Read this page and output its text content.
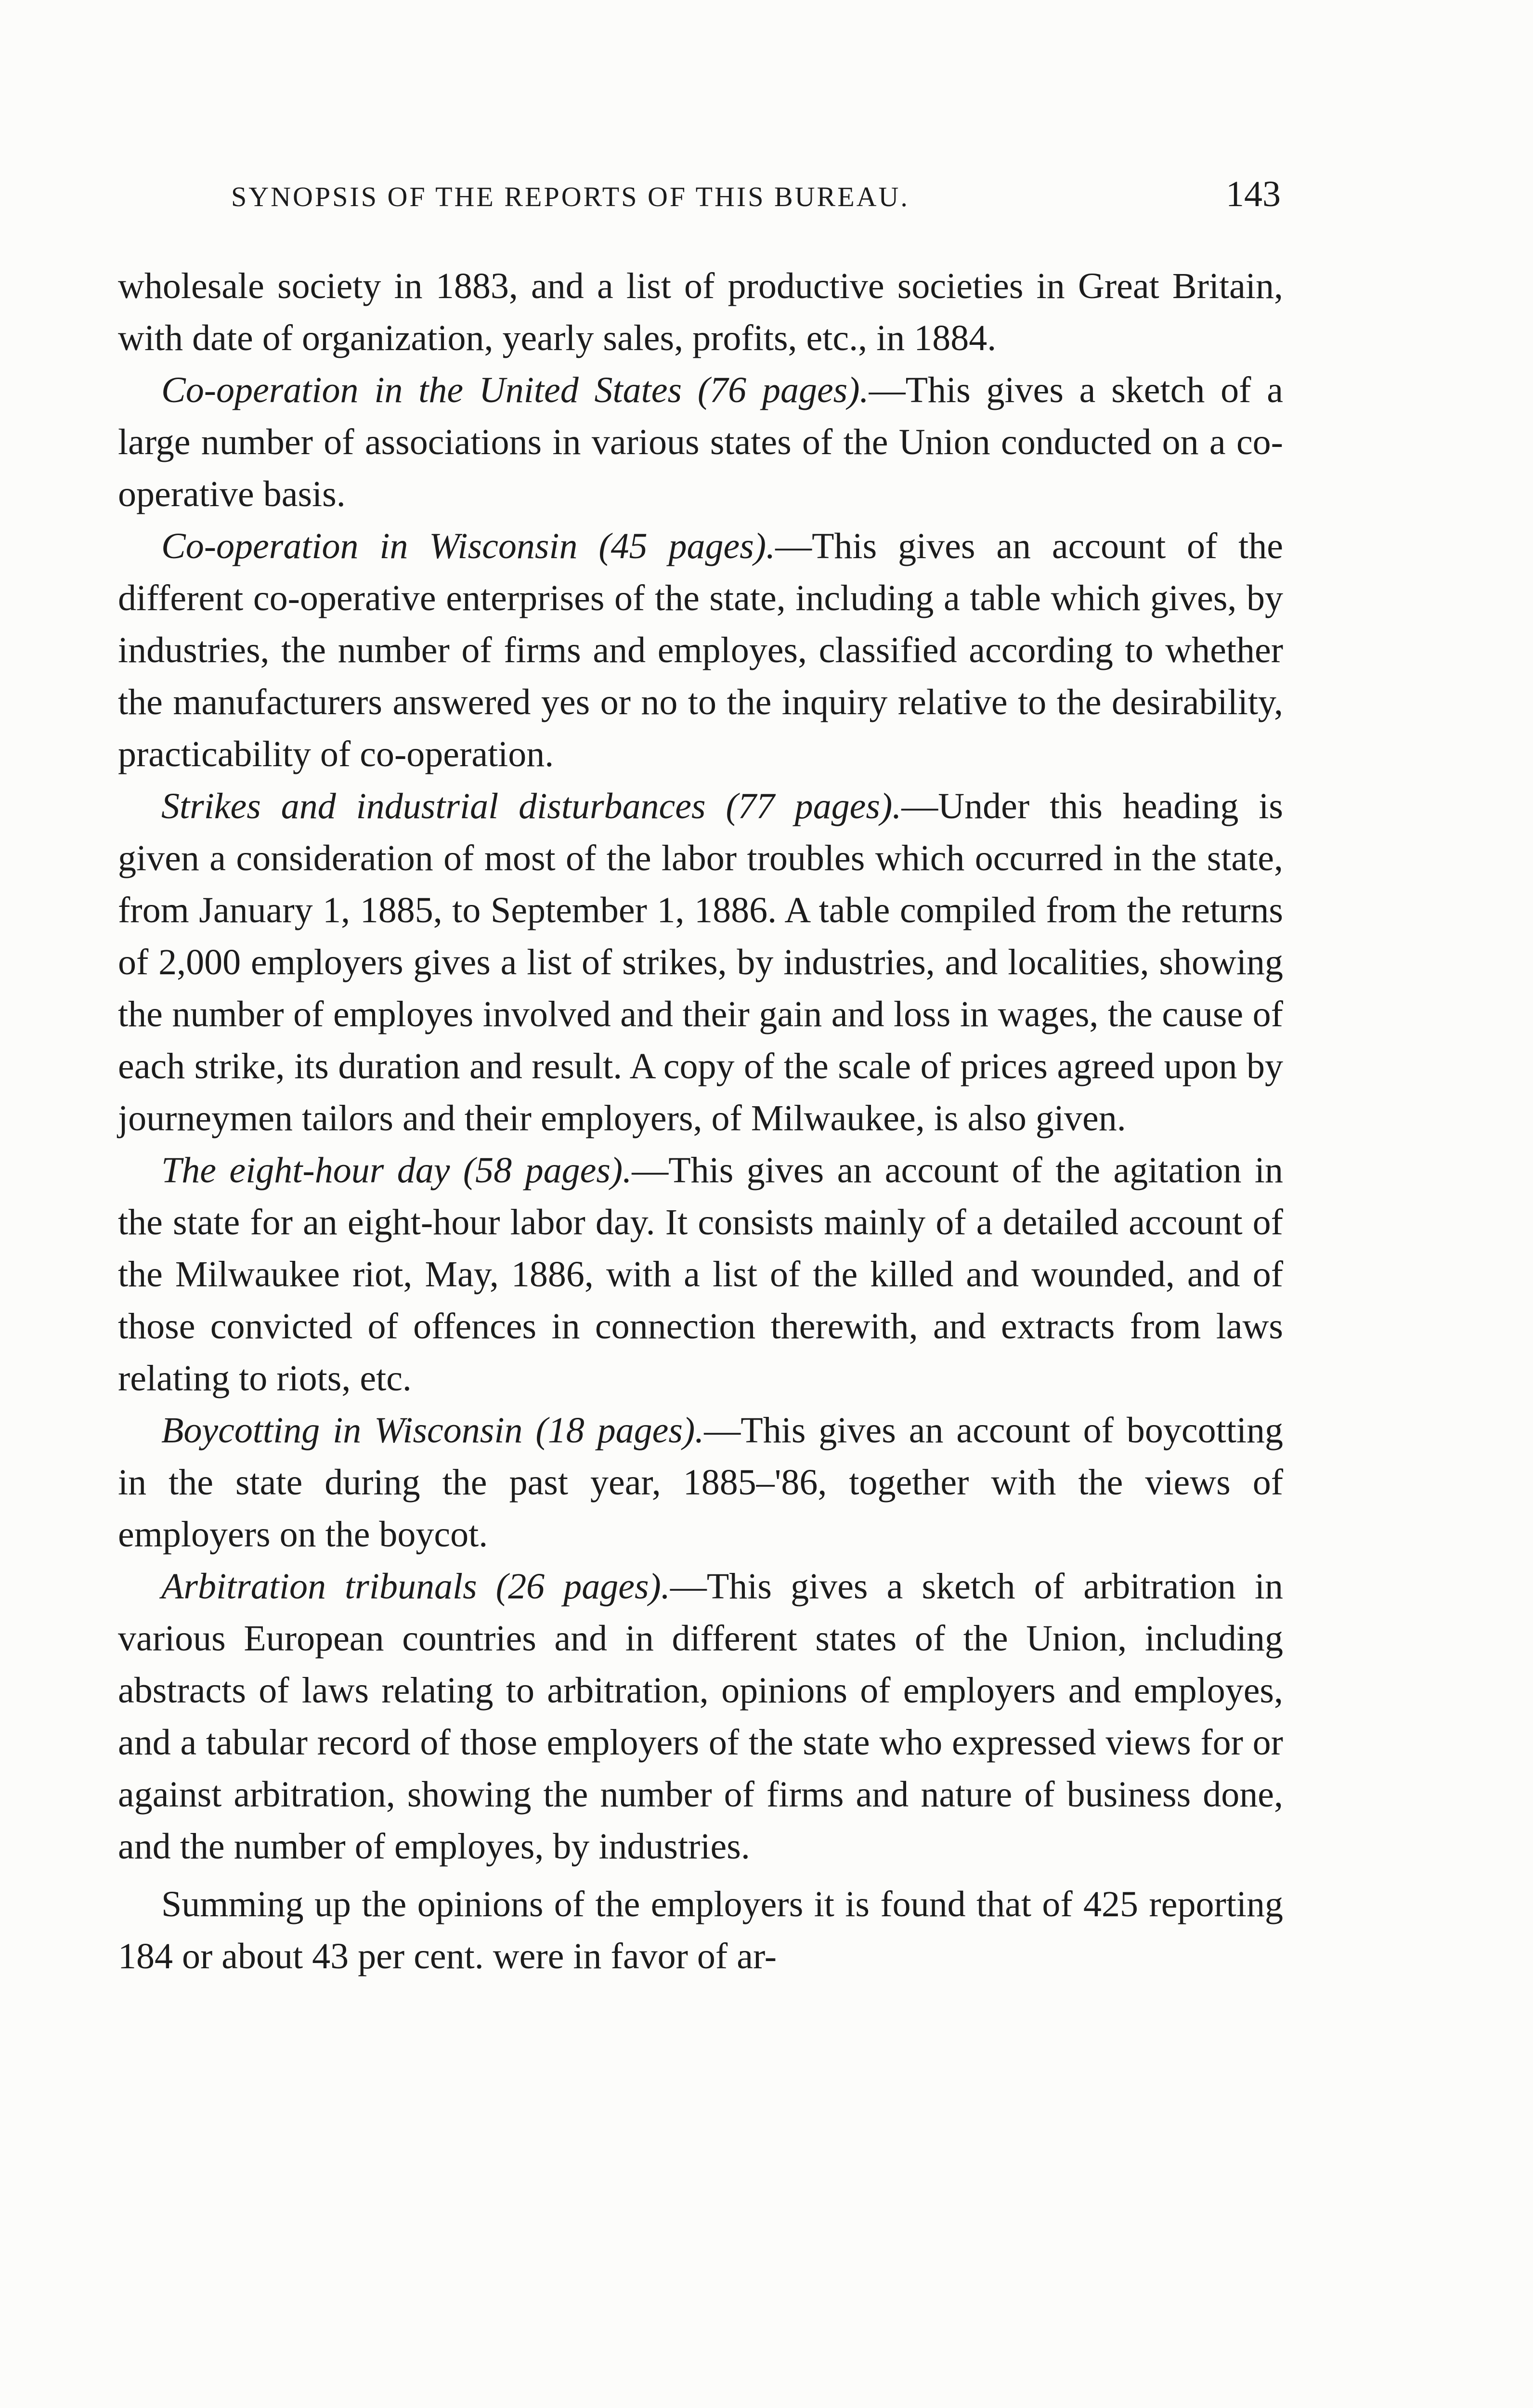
SYNOPSIS OF THE REPORTS OF THIS BUREAU.	143

wholesale society in 1883, and a list of productive societies in Great Britain, with date of organization, yearly sales, profits, etc., in 1884.

Co-operation in the United States (76 pages).—This gives a sketch of a large number of associations in various states of the Union conducted on a co-operative basis.

Co-operation in Wisconsin (45 pages).—This gives an account of the different co-operative enterprises of the state, including a table which gives, by industries, the number of firms and employes, classified according to whether the manufacturers answered yes or no to the inquiry relative to the desirability, practicability of co-operation.

Strikes and industrial disturbances (77 pages).—Under this heading is given a consideration of most of the labor troubles which occurred in the state, from January 1, 1885, to September 1, 1886. A table compiled from the returns of 2,000 employers gives a list of strikes, by industries, and localities, showing the number of employes involved and their gain and loss in wages, the cause of each strike, its duration and result. A copy of the scale of prices agreed upon by journeymen tailors and their employers, of Milwaukee, is also given.

The eight-hour day (58 pages).—This gives an account of the agitation in the state for an eight-hour labor day. It consists mainly of a detailed account of the Milwaukee riot, May, 1886, with a list of the killed and wounded, and of those convicted of offences in connection therewith, and extracts from laws relating to riots, etc.

Boycotting in Wisconsin (18 pages).—This gives an account of boycotting in the state during the past year, 1885–'86, together with the views of employers on the boycot.

Arbitration tribunals (26 pages).—This gives a sketch of arbitration in various European countries and in different states of the Union, including abstracts of laws relating to arbitration, opinions of employers and employes, and a tabular record of those employers of the state who expressed views for or against arbitration, showing the number of firms and nature of business done, and the number of employes, by industries.

Summing up the opinions of the employers it is found that of 425 reporting 184 or about 43 per cent. were in favor of ar-
